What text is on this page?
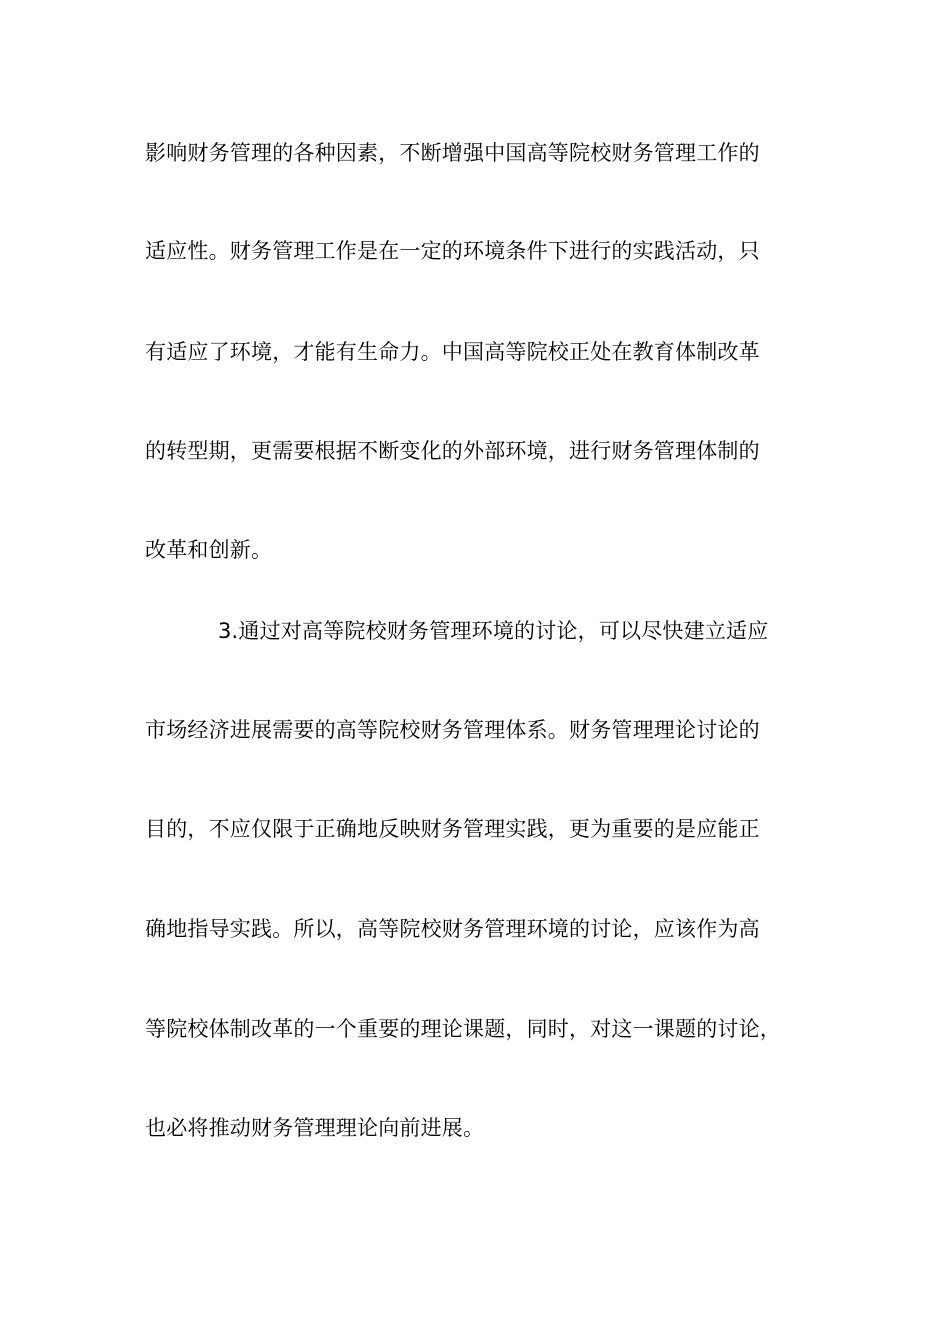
影响财务管理的各种因素，不断增强中国高等院校财务管理工作的
适应性。财务管理工作是在一定的环境条件下进行的实践活动，只
有适应了环境，才能有生命力。中国高等院校正处在教育体制改革
的转型期，更需要根据不断变化的外部环境，进行财务管理体制的
改革和创新。
3.通过对高等院校财务管理环境的讨论，可以尽快建立适应
市场经济进展需要的高等院校财务管理体系。财务管理理论讨论的
目的，不应仅限于正确地反映财务管理实践，更为重要的是应能正
确地指导实践。所以，高等院校财务管理环境的讨论，应该作为高
等院校体制改革的一个重要的理论课题，同时，对这一课题的讨论，
也必将推动财务管理理论向前进展。
